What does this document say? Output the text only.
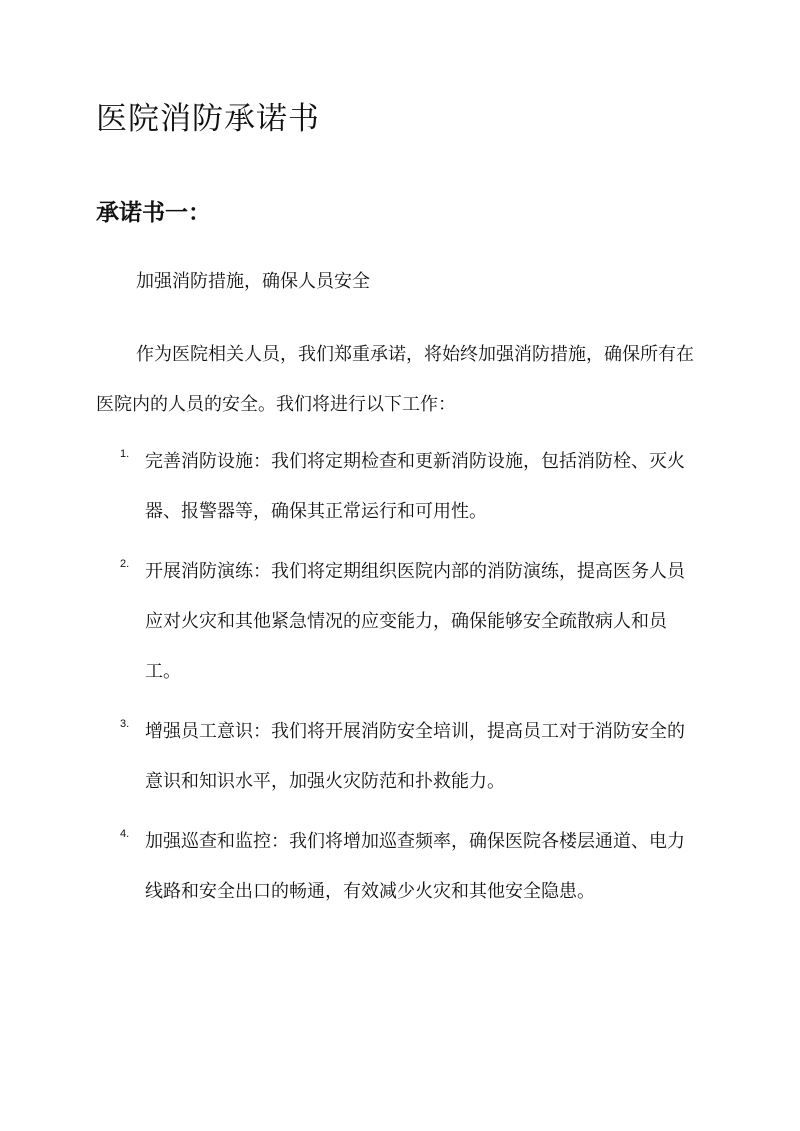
医院消防承诺书
承诺书一：

加强消防措施，确保人员安全

作为医院相关人员，我们郑重承诺，将始终加强消防措施，确保所有在医院内的人员的安全。我们将进行以下工作：

1. 完善消防设施：我们将定期检查和更新消防设施，包括消防栓、灭火器、报警器等，确保其正常运行和可用性。
2. 开展消防演练：我们将定期组织医院内部的消防演练，提高医务人员应对火灾和其他紧急情况的应变能力，确保能够安全疏散病人和员工。
3. 增强员工意识：我们将开展消防安全培训，提高员工对于消防安全的意识和知识水平，加强火灾防范和扑救能力。
4. 加强巡查和监控：我们将增加巡查频率，确保医院各楼层通道、电力线路和安全出口的畅通，有效减少火灾和其他安全隐患。
